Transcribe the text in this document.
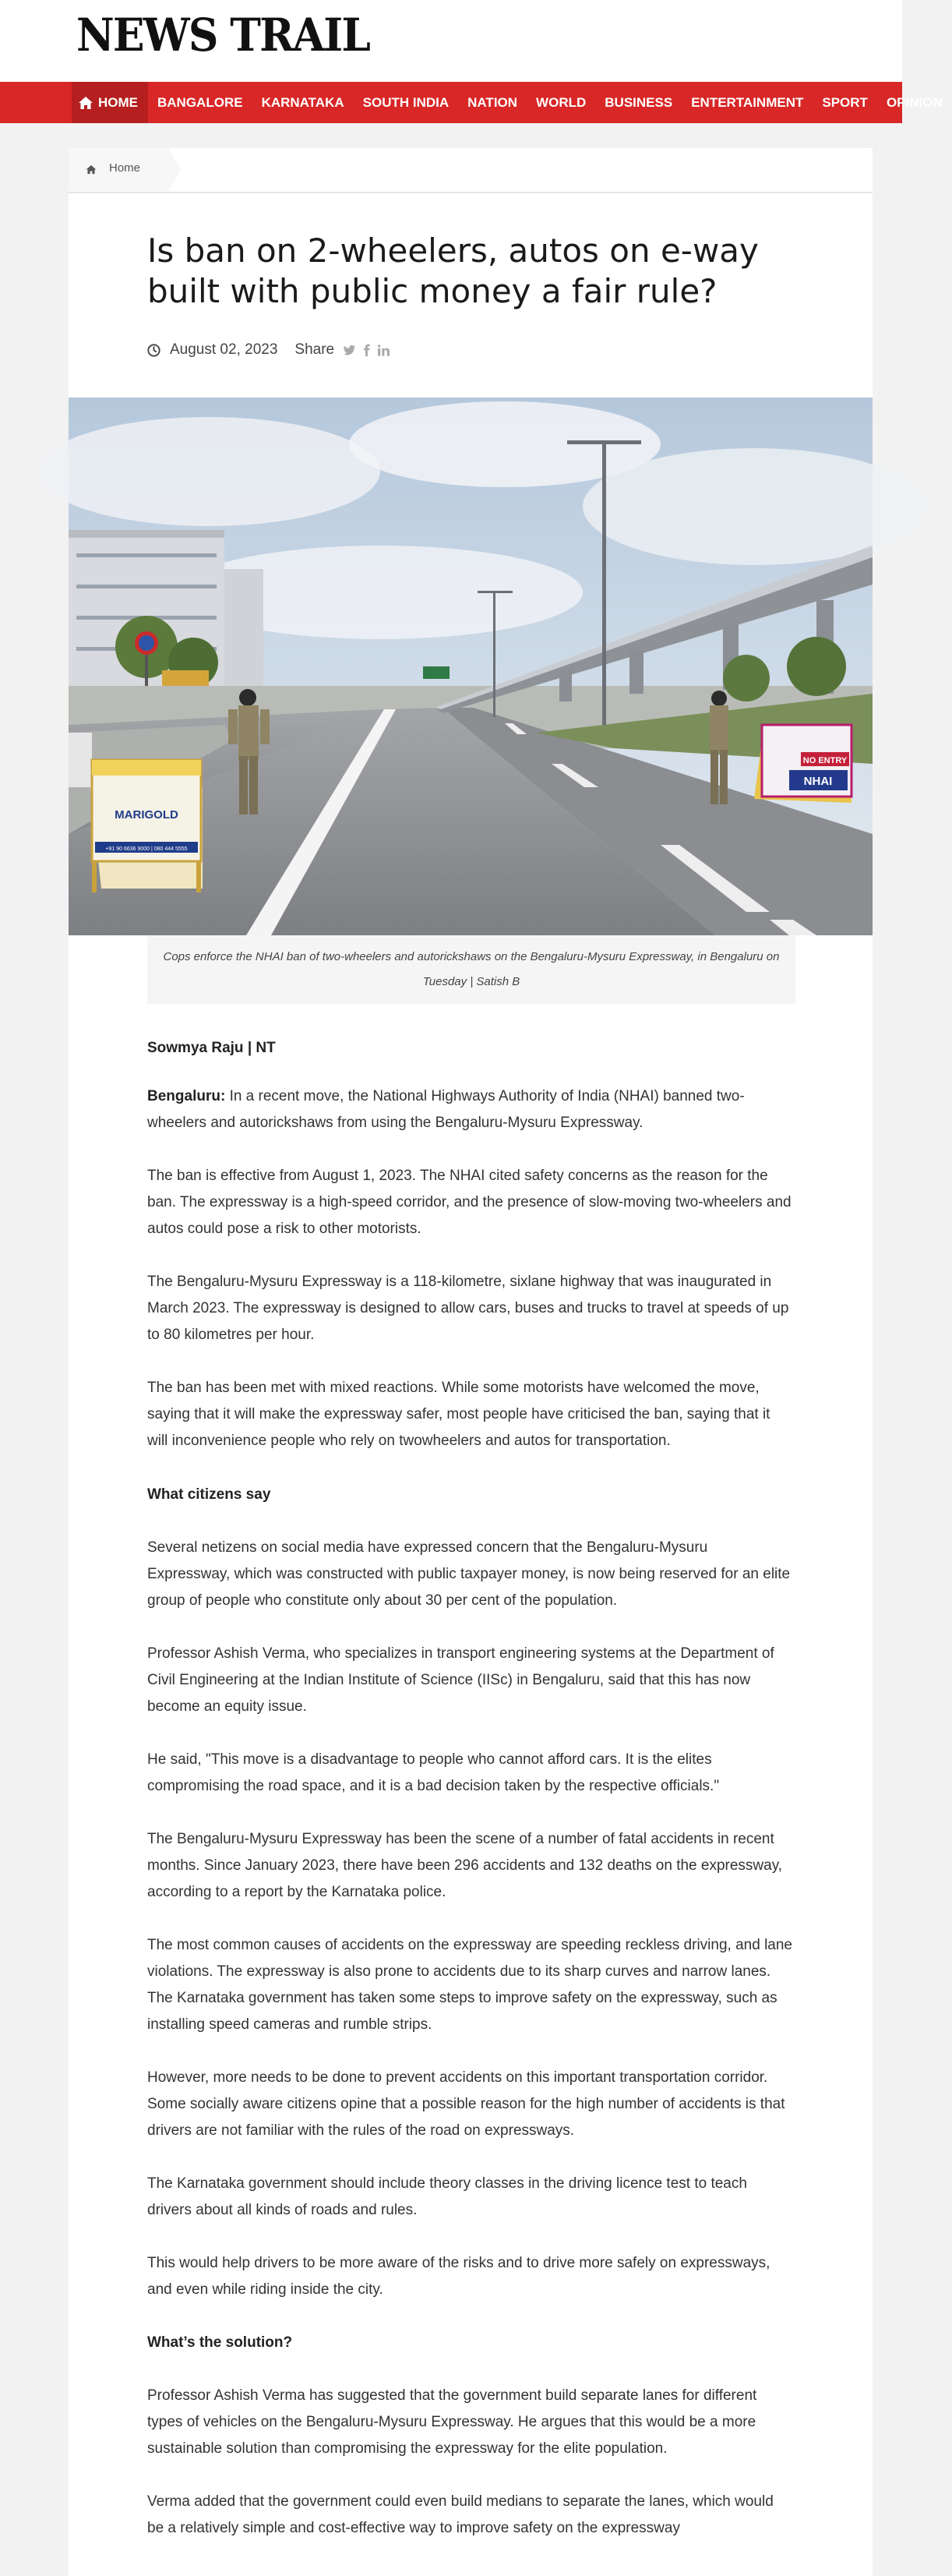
NEWS TRAIL
HOME	BANGALORE	KARNATAKA	SOUTH INDIA	NATION	WORLD	BUSINESS	ENTERTAINMENT	SPORT	OPINION
Home
Is ban on 2-wheelers, autos on e-way built with public money a fair rule?
August 02, 2023 Share
MARIGOLD
+91 90 6636 9000 | 080 444 5555
NO ENTRY
NHAI
Cops enforce the NHAI ban of two-wheelers and autorickshaws on the Bengaluru-Mysuru Expressway, in Bengaluru on Tuesday | Satish B

Sowmya Raju | NT

Bengaluru: In a recent move, the National Highways Authority of India (NHAI) banned two-wheelers and autorickshaws from using the Bengaluru-Mysuru Expressway.

The ban is effective from August 1, 2023. The NHAI cited safety concerns as the reason for the ban. The expressway is a high-speed corridor, and the presence of slow-moving two-wheelers and autos could pose a risk to other motorists.

The Bengaluru-Mysuru Expressway is a 118-kilometre, sixlane highway that was inaugurated in March 2023. The expressway is designed to allow cars, buses and trucks to travel at speeds of up to 80 kilometres per hour.

The ban has been met with mixed reactions. While some motorists have welcomed the move, saying that it will make the expressway safer, most people have criticised the ban, saying that it will inconvenience people who rely on twowheelers and autos for transportation.

What citizens say

Several netizens on social media have expressed concern that the Bengaluru-Mysuru Expressway, which was constructed with public taxpayer money, is now being reserved for an elite group of people who constitute only about 30 per cent of the population.

Professor Ashish Verma, who specializes in transport engineering systems at the Department of Civil Engineering at the Indian Institute of Science (IISc) in Bengaluru, said that this has now become an equity issue.

He said, "This move is a disadvantage to people who cannot afford cars. It is the elites compromising the road space, and it is a bad decision taken by the respective officials."

The Bengaluru-Mysuru Expressway has been the scene of a number of fatal accidents in recent months. Since January 2023, there have been 296 accidents and 132 deaths on the expressway, according to a report by the Karnataka police.

The most common causes of accidents on the expressway are speeding reckless driving, and lane violations. The expressway is also prone to accidents due to its sharp curves and narrow lanes. The Karnataka government has taken some steps to improve safety on the expressway, such as installing speed cameras and rumble strips.

However, more needs to be done to prevent accidents on this important transportation corridor. Some socially aware citizens opine that a possible reason for the high number of accidents is that drivers are not familiar with the rules of the road on expressways.

The Karnataka government should include theory classes in the driving licence test to teach drivers about all kinds of roads and rules.

This would help drivers to be more aware of the risks and to drive more safely on expressways, and even while riding inside the city.

What’s the solution?

Professor Ashish Verma has suggested that the government build separate lanes for different types of vehicles on the Bengaluru-Mysuru Expressway. He argues that this would be a more sustainable solution than compromising the expressway for the elite population.

Verma added that the government could even build medians to separate the lanes, which would be a relatively simple and cost-effective way to improve safety on the expressway
